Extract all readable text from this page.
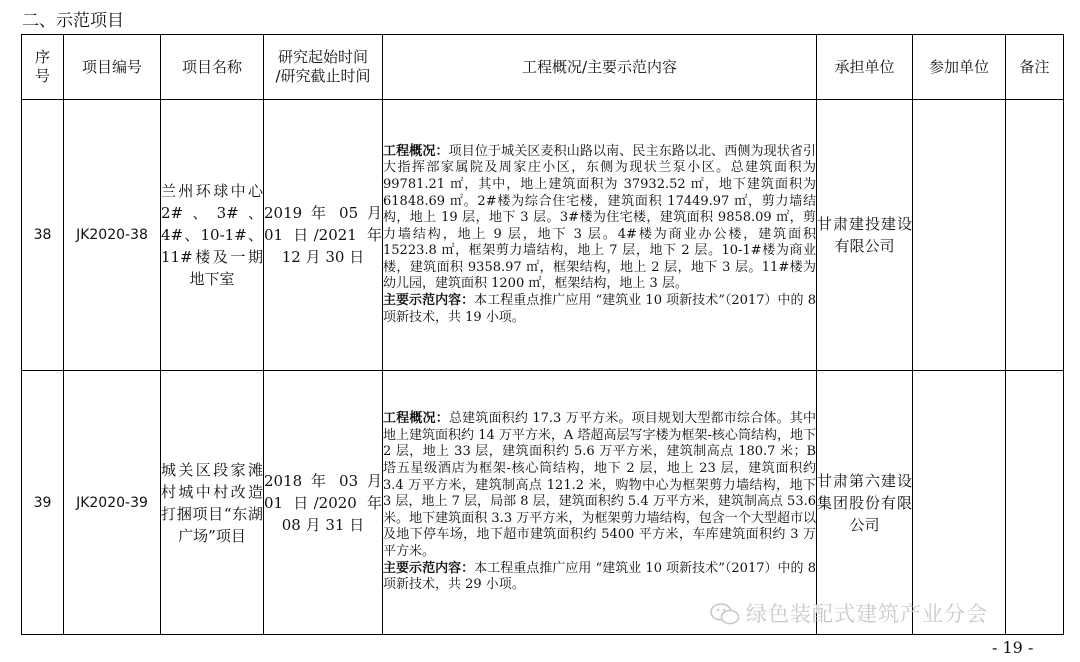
二、示范项目
序
号	项目编号	项目名称	研究起始时间
/研究截止时间	工程概况/主要示范内容	承担单位	参加单位	备注
38	JK2020-38	兰州环球中心 2#、3#、4#、10-1#、11#楼及一期地下室	2019 年 05 月 01 日/2021 年 12 月 30 日	工程概况：项目位于城关区麦积山路以南、民主东路以北、西侧为现状省引大指挥部家属院及周家庄小区，东侧为现状兰泵小区。总建筑面积为 99781.21 ㎡，其中，地上建筑面积为 37932.52 ㎡，地下建筑面积为 61848.69 ㎡。2#楼为综合住宅楼，建筑面积 17449.97 ㎡，剪力墙结构，地上 19 层，地下 3 层。3#楼为住宅楼，建筑面积 9858.09 ㎡，剪力墙结构，地上 9 层，地下 3 层。4#楼为商业办公楼，建筑面积 15223.8 ㎡，框架剪力墙结构，地上 7 层，地下 2 层。10-1#楼为商业楼，建筑面积 9358.97 ㎡，框架结构，地上 2 层，地下 3 层。11#楼为幼儿园，建筑面积 1200 ㎡，框架结构，地上 3 层。
主要示范内容：本工程重点推广应用 “建筑业 10 项新技术”（2017）中的 8 项新技术，共 19 小项。	甘肃建投建设有限公司		
39	JK2020-39	城关区段家滩村城中村改造打捆项目“东湖广场”项目	2018 年 03 月 01 日/2020 年 08 月 31 日	工程概况：总建筑面积约 17.3 万平方米。项目规划大型都市综合体。其中地上建筑面积约 14 万平方米，A 塔超高层写字楼为框架-核心筒结构，地下 2 层，地上 33 层，建筑面积约 5.6 万平方米，建筑制高点 180.7 米；B 塔五星级酒店为框架-核心筒结构，地下 2 层，地上 23 层，建筑面积约 3.4 万平方米，建筑制高点 121.2 米，购物中心为框架剪力墙结构，地下 3 层，地上 7 层，局部 8 层，建筑面积约 5.4 万平方米，建筑制高点 53.6 米。地下建筑面积 3.3 万平方米，为框架剪力墙结构，包含一个大型超市以及地下停车场，地下超市建筑面积约 5400 平方米，车库建筑面积约 3 万平方米。
主要示范内容：本工程重点推广应用 “建筑业 10 项新技术”（2017）中的 8 项新技术，共 29 小项。	甘肃第六建设集团股份有限公司		
绿色装配式建筑产业分会
- 19 -
